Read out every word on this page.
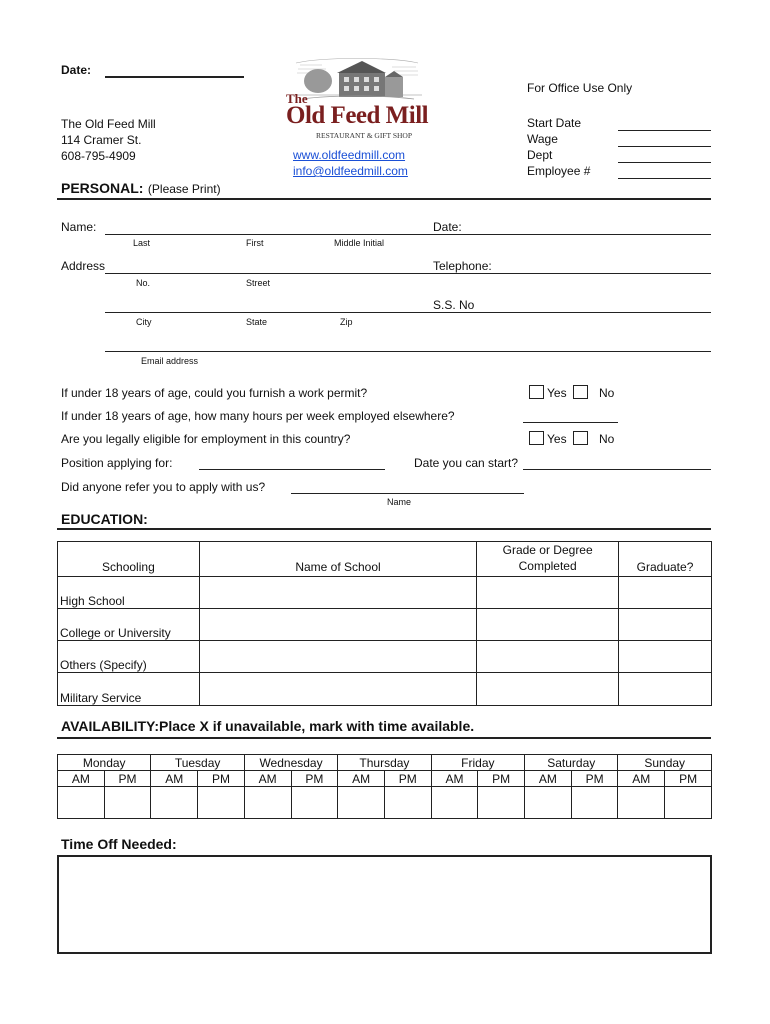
Date:
For Office Use Only
The Old Feed Mill
114 Cramer St.
608-795-4909
The
Old Feed Mill
RESTAURANT & GIFT SHOP
www.oldfeedmill.com
info@oldfeedmill.com
Start Date
Wage
Dept
Employee #
PERSONAL: (Please Print)
Name:	Date:
Last	First	Middle Initial
Address	Telephone:
No.	Street
S.S. No
City	State	Zip
Email address
If under 18 years of age, could you furnish a work permit?	Yes	No
If under 18 years of age, how many hours per week employed elsewhere?
Are you legally eligible for employment in this country?	Yes	No
Position applying for:	Date you can start?
Did anyone refer you to apply with us?
Name
EDUCATION:
Schooling	Name of School	Grade or Degree Completed	Graduate?
High School			
College or University			
Others (Specify)			
Military Service			
AVAILABILITY:Place X if unavailable, mark with time available.
Monday		Tuesday		Wednesday		Thursday		Friday		Saturday		Sunday	
AM	PM	AM	PM	AM	PM	AM	PM	AM	PM	AM	PM	AM	PM

Time Off Needed:
